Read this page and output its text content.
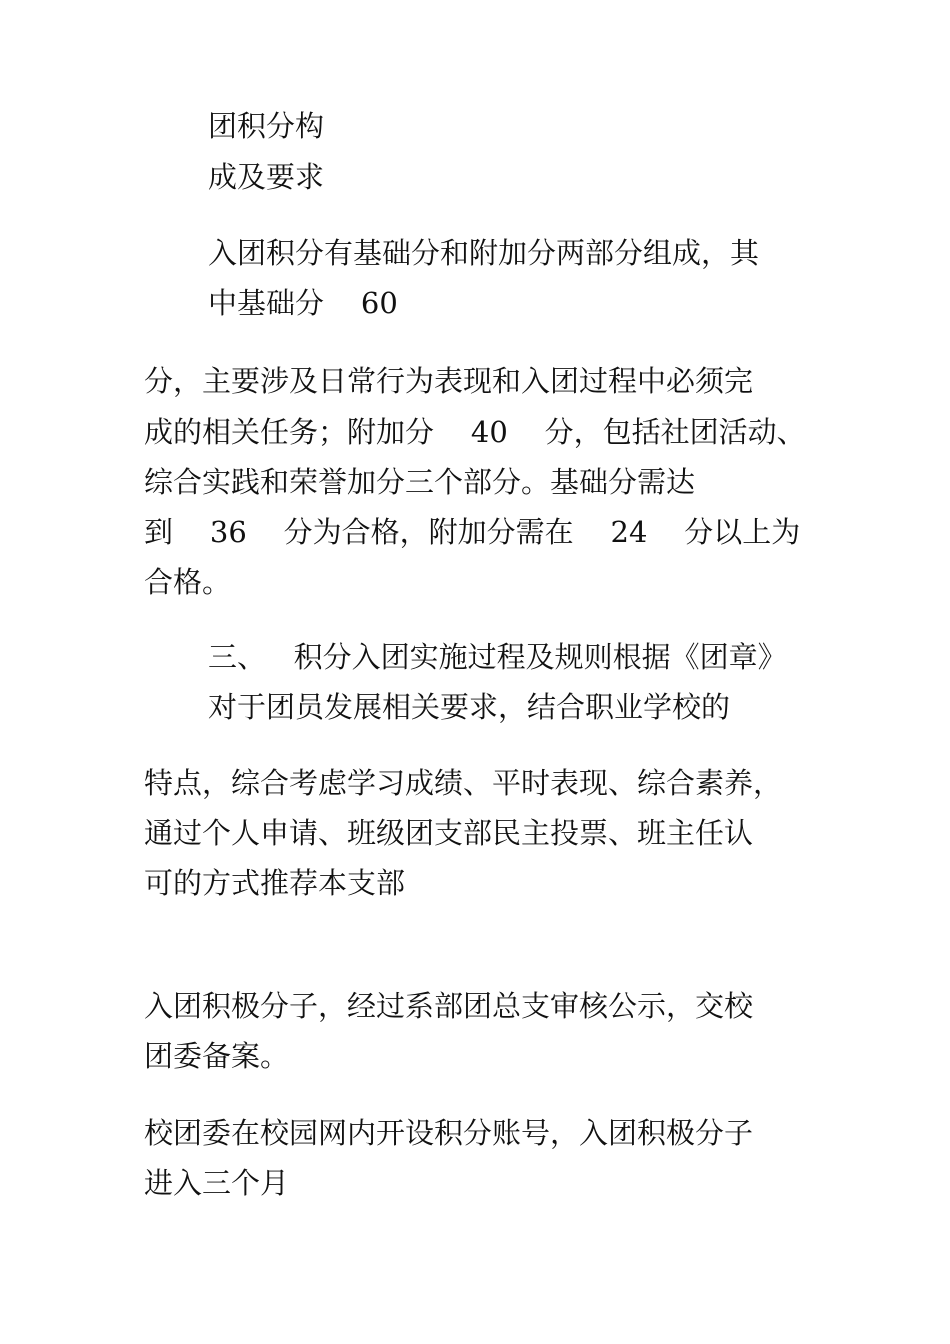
团积分构

成及要求

入团积分有基础分和附加分两部分组成，其

中基础分    60

分，主要涉及日常行为表现和入团过程中必须完

成的相关任务；附加分    40    分，包括社团活动、

综合实践和荣誉加分三个部分。基础分需达

到    36    分为合格，附加分需在    24    分以上为

合格。

三、   积分入团实施过程及规则根据《团章》

对于团员发展相关要求，结合职业学校的

特点，综合考虑学习成绩、平时表现、综合素养，

通过个人申请、班级团支部民主投票、班主任认

可的方式推荐本支部

入团积极分子，经过系部团总支审核公示，交校

团委备案。

校团委在校园网内开设积分账号，入团积极分子

进入三个月
